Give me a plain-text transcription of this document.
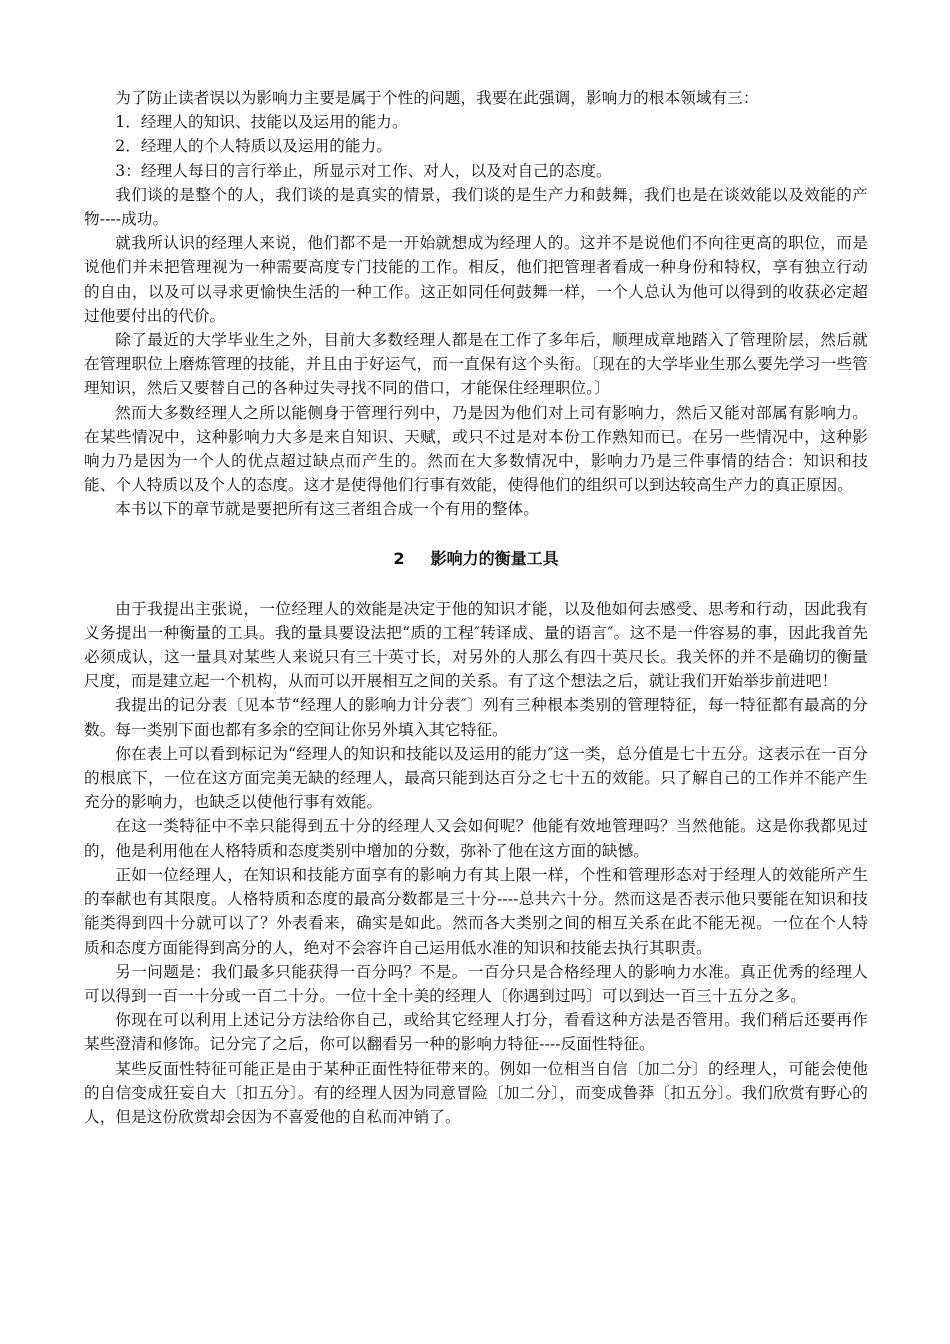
为了防止读者误以为影响力主要是属于个性的问题，我要在此强调，影响力的根本领域有三：

1．经理人的知识、技能以及运用的能力。

2．经理人的个人特质以及运用的能力。

3：经理人每日的言行举止，所显示对工作、对人，以及对自己的态度。

我们谈的是整个的人，我们谈的是真实的情景，我们谈的是生产力和鼓舞，我们也是在谈效能以及效能的产物----成功。

就我所认识的经理人来说，他们都不是一开始就想成为经理人的。这并不是说他们不向往更高的职位，而是说他们并未把管理视为一种需要高度专门技能的工作。相反，他们把管理者看成一种身份和特权，享有独立行动的自由，以及可以寻求更愉快生活的一种工作。这正如同任何鼓舞一样，一个人总认为他可以得到的收获必定超过他要付出的代价。

除了最近的大学毕业生之外，目前大多数经理人都是在工作了多年后，顺理成章地踏入了管理阶层，然后就在管理职位上磨炼管理的技能，并且由于好运气，而一直保有这个头衔。〔现在的大学毕业生那么要先学习一些管理知识，然后又要替自己的各种过失寻找不同的借口，才能保住经理职位。〕

然而大多数经理人之所以能侧身于管理行列中，乃是因为他们对上司有影响力，然后又能对部属有影响力。在某些情况中，这种影响力大多是来自知识、天赋，或只不过是对本份工作熟知而已。在另一些情况中，这种影响力乃是因为一个人的优点超过缺点而产生的。然而在大多数情况中，影响力乃是三件事情的结合：知识和技能、个人特质以及个人的态度。这才是使得他们行事有效能，使得他们的组织可以到达较高生产力的真正原因。

本书以下的章节就是要把所有这三者组合成一个有用的整体。

2 影响力的衡量工具

由于我提出主张说，一位经理人的效能是决定于他的知识才能，以及他如何去感受、思考和行动，因此我有义务提出一种衡量的工具。我的量具要设法把“质的工程″转译成、量的语言″。这不是一件容易的事，因此我首先必须成认，这一量具对某些人来说只有三十英寸长，对另外的人那么有四十英尺长。我关怀的并不是确切的衡量尺度，而是建立起一个机构，从而可以开展相互之间的关系。有了这个想法之后，就让我们开始举步前进吧！

我提出的记分表〔见本节“经理人的影响力计分表″〕列有三种根本类别的管理特征，每一特征都有最高的分数。每一类别下面也都有多余的空间让你另外填入其它特征。

你在表上可以看到标记为“经理人的知识和技能以及运用的能力″这一类，总分值是七十五分。这表示在一百分的根底下，一位在这方面完美无缺的经理人，最高只能到达百分之七十五的效能。只了解自己的工作并不能产生充分的影响力，也缺乏以使他行事有效能。

在这一类特征中不幸只能得到五十分的经理人又会如何呢？他能有效地管理吗？当然他能。这是你我都见过的，他是利用他在人格特质和态度类别中增加的分数，弥补了他在这方面的缺憾。

正如一位经理人，在知识和技能方面享有的影响力有其上限一样，个性和管理形态对于经理人的效能所产生的奉献也有其限度。人格特质和态度的最高分数都是三十分----总共六十分。然而这是否表示他只要能在知识和技能类得到四十分就可以了？外表看来，确实是如此。然而各大类别之间的相互关系在此不能无视。一位在个人特质和态度方面能得到高分的人，绝对不会容许自己运用低水准的知识和技能去执行其职责。

另一问题是：我们最多只能获得一百分吗？不是。一百分只是合格经理人的影响力水准。真正优秀的经理人可以得到一百一十分或一百二十分。一位十全十美的经理人〔你遇到过吗〕可以到达一百三十五分之多。

你现在可以利用上述记分方法给你自己，或给其它经理人打分，看看这种方法是否管用。我们稍后还要再作某些澄清和修饰。记分完了之后，你可以翻看另一种的影响力特征----反面性特征。

某些反面性特征可能正是由于某种正面性特征带来的。例如一位相当自信〔加二分〕的经理人，可能会使他的自信变成狂妄自大〔扣五分〕。有的经理人因为同意冒险〔加二分〕，而变成鲁莽〔扣五分〕。我们欣赏有野心的人，但是这份欣赏却会因为不喜爱他的自私而冲销了。
